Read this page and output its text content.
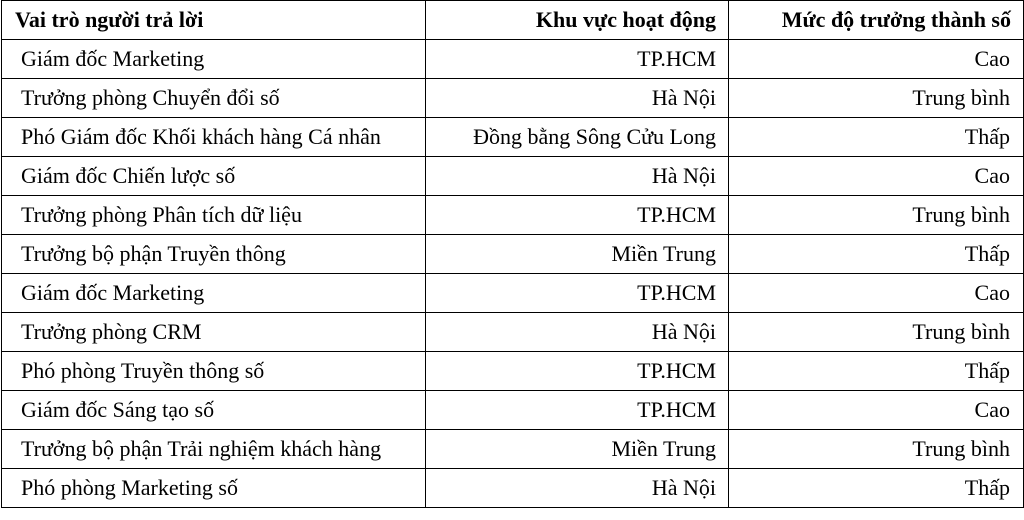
Vai trò người trả lời	Khu vực hoạt động	Mức độ trưởng thành số
Giám đốc Marketing	TP.HCM	Cao
Trưởng phòng Chuyển đổi số	Hà Nội	Trung bình
Phó Giám đốc Khối khách hàng Cá nhân	Đồng bằng Sông Cửu Long	Thấp
Giám đốc Chiến lược số	Hà Nội	Cao
Trưởng phòng Phân tích dữ liệu	TP.HCM	Trung bình
Trưởng bộ phận Truyền thông	Miền Trung	Thấp
Giám đốc Marketing	TP.HCM	Cao
Trưởng phòng CRM	Hà Nội	Trung bình
Phó phòng Truyền thông số	TP.HCM	Thấp
Giám đốc Sáng tạo số	TP.HCM	Cao
Trưởng bộ phận Trải nghiệm khách hàng	Miền Trung	Trung bình
Phó phòng Marketing số	Hà Nội	Thấp
